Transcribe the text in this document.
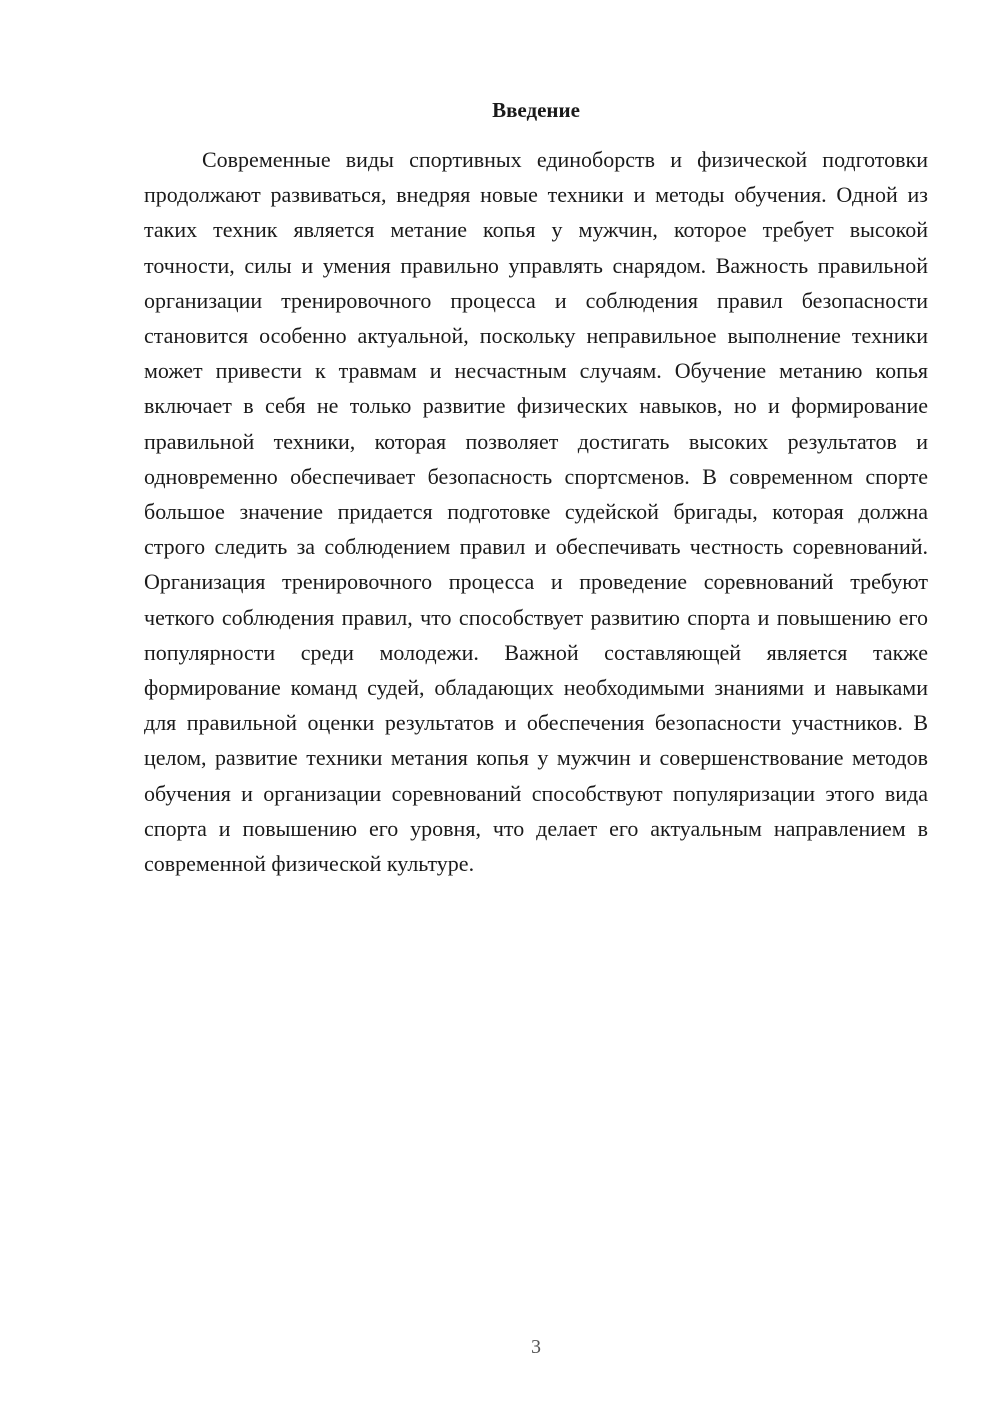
Введение

Современные виды спортивных единоборств и физической подготовки продолжают развиваться, внедряя новые техники и методы обучения. Одной из таких техник является метание копья у мужчин, которое требует высокой точности, силы и умения правильно управлять снарядом. Важность правильной организации тренировочного процесса и соблюдения правил безопасности становится особенно актуальной, поскольку неправильное выполнение техники может привести к травмам и несчастным случаям. Обучение метанию копья включает в себя не только развитие физических навыков, но и формирование правильной техники, которая позволяет достигать высоких результатов и одновременно обеспечивает безопасность спортсменов. В современном спорте большое значение придается подготовке судейской бригады, которая должна строго следить за соблюдением правил и обеспечивать честность соревнований. Организация тренировочного процесса и проведение соревнований требуют четкого соблюдения правил, что способствует развитию спорта и повышению его популярности среди молодежи. Важной составляющей является также формирование команд судей, обладающих необходимыми знаниями и навыками для правильной оценки результатов и обеспечения безопасности участников. В целом, развитие техники метания копья у мужчин и совершенствование методов обучения и организации соревнований способствуют популяризации этого вида спорта и повышению его уровня, что делает его актуальным направлением в современной физической культуре.

3
